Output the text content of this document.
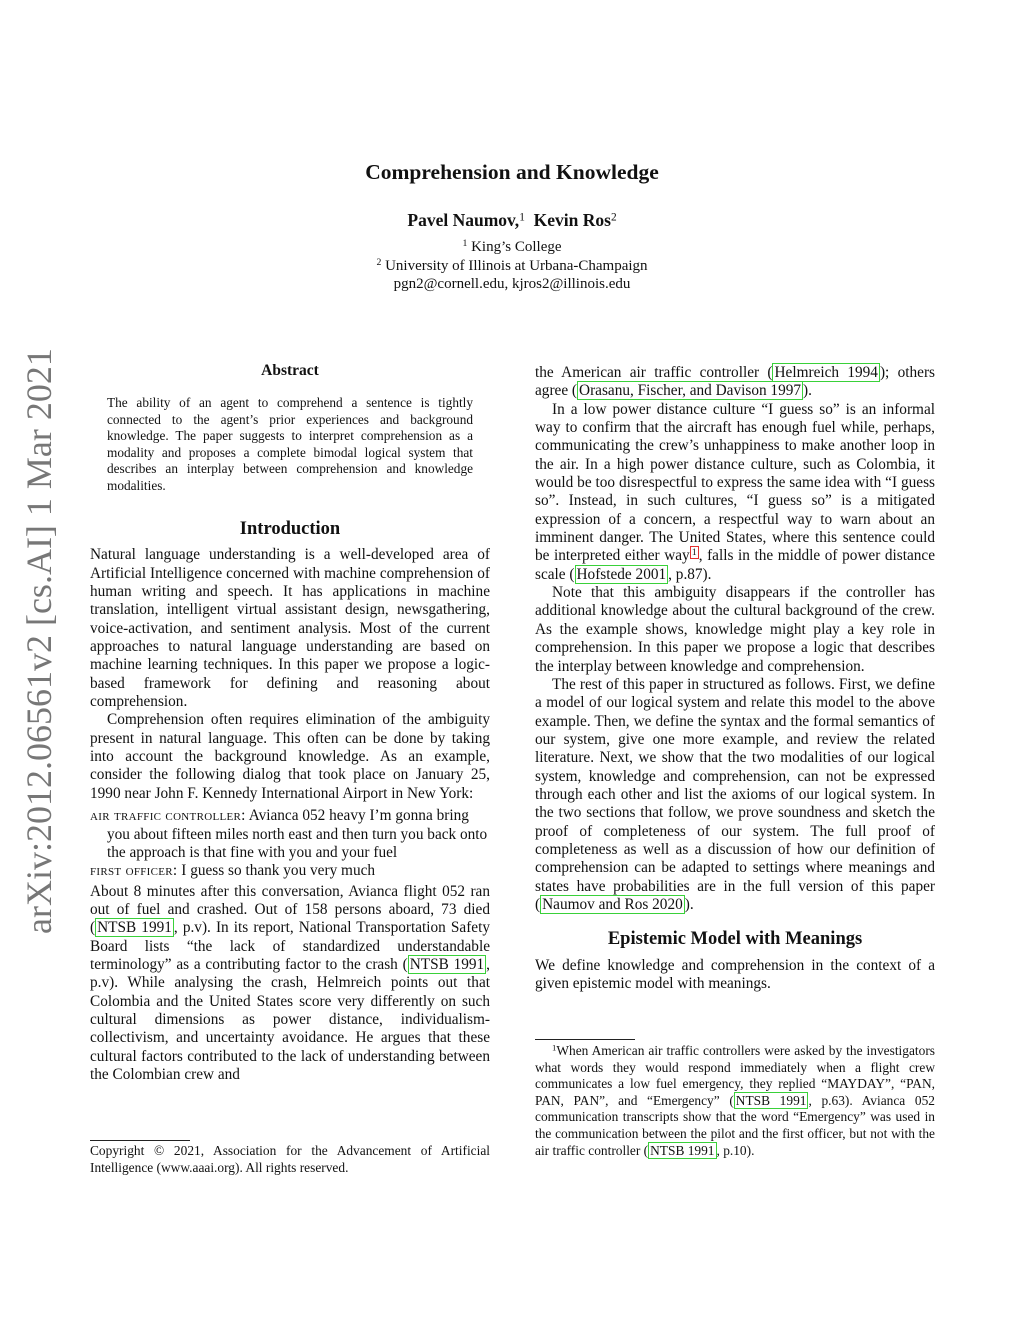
Comprehension and Knowledge
Pavel Naumov,$^1$ Kevin Ros$^2$
$^1$ King’s College
$^2$ University of Illinois at Urbana-Champaign
pgn2@cornell.edu, kjros2@illinois.edu
arXiv:2012.06561v2 [cs.AI] 1 Mar 2021	Abstract
The ability of an agent to comprehend a sentence is tightly connected to the agent’s prior experiences and background knowledge. The paper suggests to interpret comprehension as a modality and proposes a complete bimodal logical system that describes an interplay between comprehension and knowledge modalities.
Introduction

Natural language understanding is a well-developed area of Artificial Intelligence concerned with machine comprehension of human writing and speech. It has applications in machine translation, intelligent virtual assistant design, newsgathering, voice-activation, and sentiment analysis. Most of the current approaches to natural language understanding are based on machine learning techniques. In this paper we propose a logic-based framework for defining and reasoning about comprehension.

Comprehension often requires elimination of the ambiguity present in natural language. This often can be done by taking into account the background knowledge. As an example, consider the following dialog that took place on January 25, 1990 near John F. Kennedy International Airport in New York:

air traffic controller: Avianca 052 heavy I’m gonna bring you about fifteen miles north east and then turn you back onto the approach is that fine with you and your fuel
first officer: I guess so thank you very much

About 8 minutes after this conversation, Avianca flight 052 ran out of fuel and crashed. Out of 158 persons aboard, 73 died ( NTSB 1991 , p.v). In its report, National Transportation Safety Board lists “the lack of standardized understandable terminology” as a contributing factor to the crash ( NTSB 1991 , p.v). While analysing the crash, Helmreich points out that Colombia and the United States score very differently on such cultural dimensions as power distance, individualism-collectivism, and uncertainty avoidance. He argues that these cultural factors contributed to the lack of understanding between the Colombian crew and

Copyright © 2021, Association for the Advancement of Artificial Intelligence (www.aaai.org). All rights reserved.

the American air traffic controller ( Helmreich 1994 ); others agree ( Orasanu, Fischer, and Davison 1997 ).

In a low power distance culture “I guess so” is an informal way to confirm that the aircraft has enough fuel while, perhaps, communicating the crew’s unhappiness to make another loop in the air. In a high power distance culture, such as Colombia, it would be too disrespectful to express the same idea with “I guess so”. Instead, in such cultures, “I guess so” is a mitigated expression of a concern, a respectful way to warn about an imminent danger. The United States, where this sentence could be interpreted either way $^1$ , falls in the middle of power distance scale ( Hofstede 2001 , p.87).

Note that this ambiguity disappears if the controller has additional knowledge about the cultural background of the crew. As the example shows, knowledge might play a key role in comprehension. In this paper we propose a logic that describes the interplay between knowledge and comprehension.

The rest of this paper in structured as follows. First, we define a model of our logical system and relate this model to the above example. Then, we define the syntax and the formal semantics of our system, give one more example, and review the related literature. Next, we show that the two modalities of our logical system, knowledge and comprehension, can not be expressed through each other and list the axioms of our logical system. In the two sections that follow, we prove soundness and sketch the proof of completeness of our system. The full proof of completeness as well as a discussion of how our definition of comprehension can be adapted to settings where meanings and states have probabilities are in the full version of this paper ( Naumov and Ros 2020 ).

Epistemic Model with Meanings

We define knowledge and comprehension in the context of a given epistemic model with meanings.

$^1$When American air traffic controllers were asked by the investigators what words they would respond immediately when a flight crew communicates a low fuel emergency, they replied “MAYDAY”, “PAN, PAN, PAN”, and “Emergency” ( NTSB 1991 , p.63). Avianca 052 communication transcripts show that the word “Emergency” was used in the communication between the pilot and the first officer, but not with the air traffic controller ( NTSB 1991 , p.10).
